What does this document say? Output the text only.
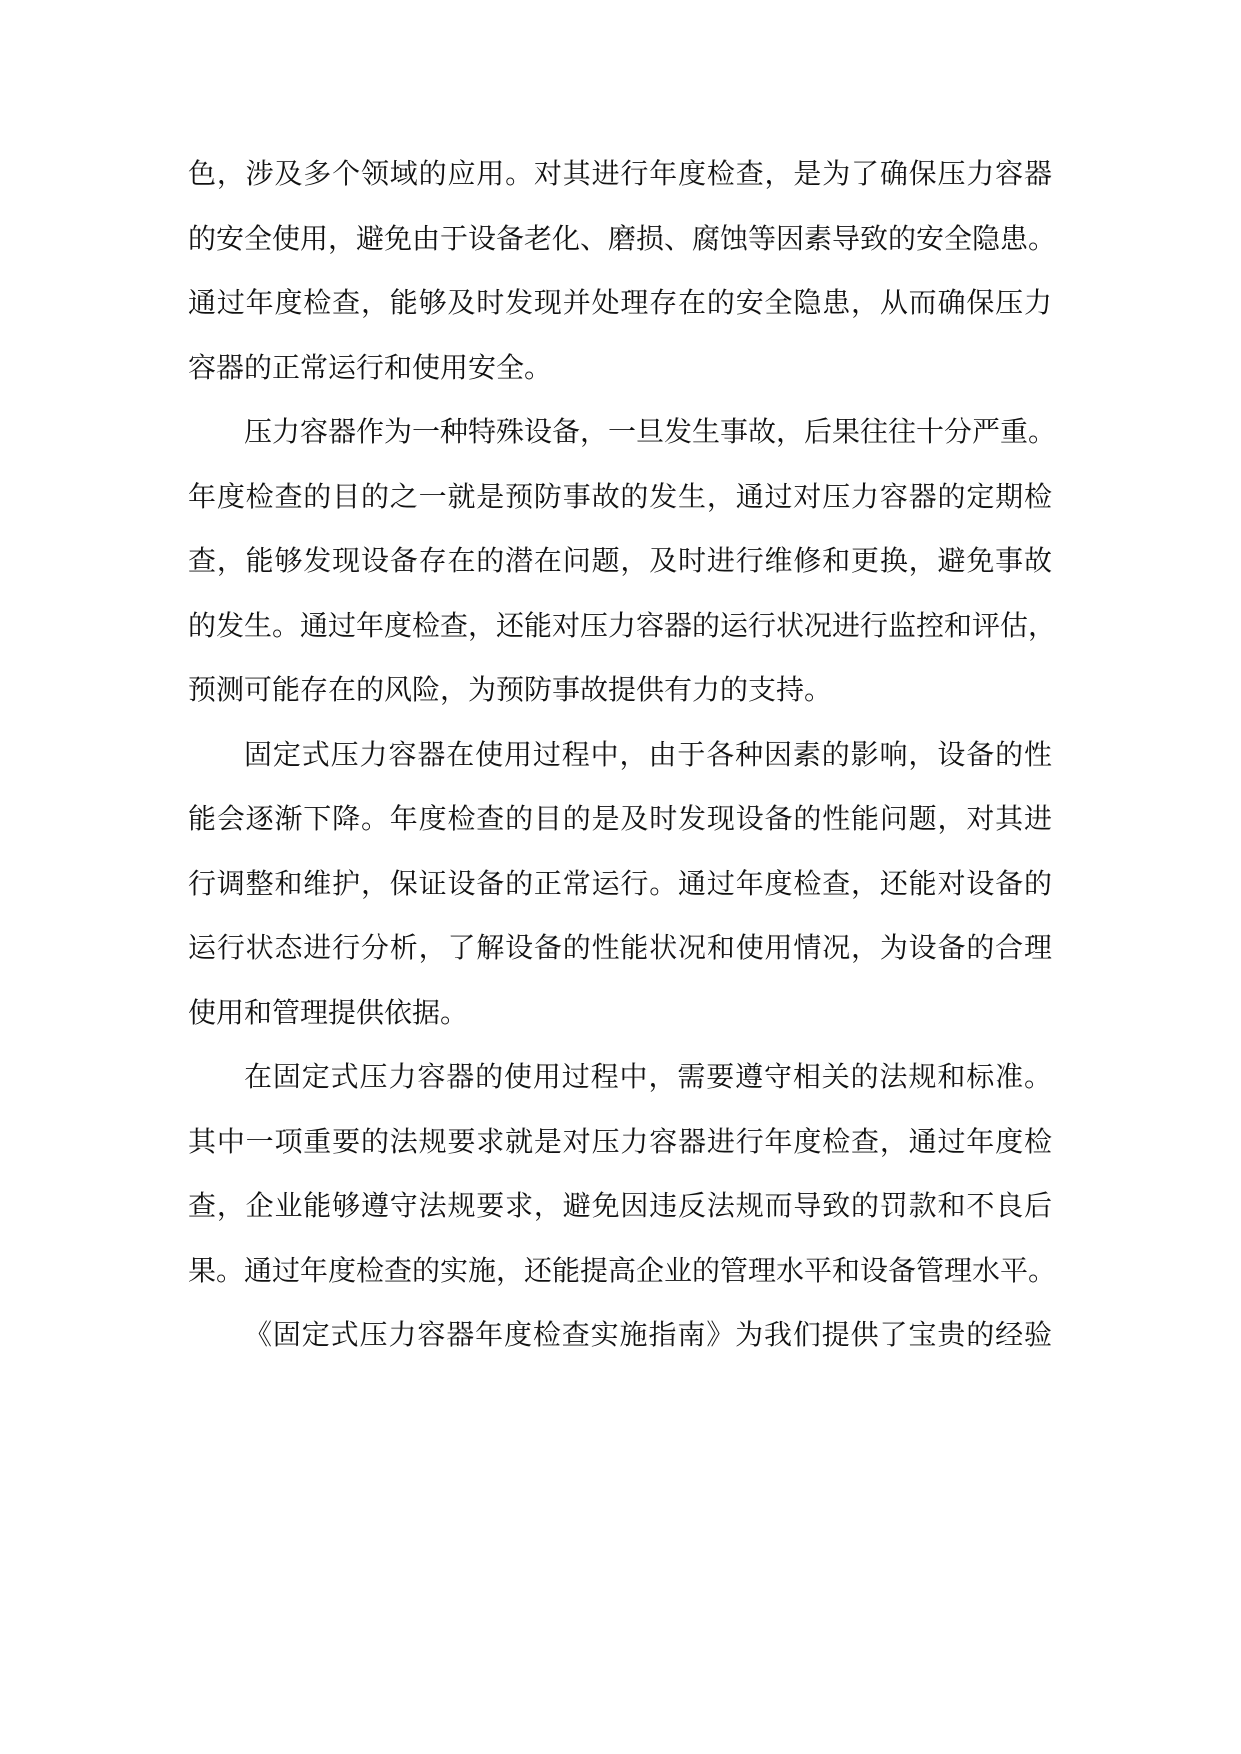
色，涉及多个领域的应用。对其进行年度检查，是为了确保压力容器
的安全使用，避免由于设备老化、磨损、腐蚀等因素导致的安全隐患。
通过年度检查，能够及时发现并处理存在的安全隐患，从而确保压力
容器的正常运行和使用安全。
压力容器作为一种特殊设备，一旦发生事故，后果往往十分严重。
年度检查的目的之一就是预防事故的发生，通过对压力容器的定期检
查，能够发现设备存在的潜在问题，及时进行维修和更换，避免事故
的发生。通过年度检查，还能对压力容器的运行状况进行监控和评估，
预测可能存在的风险，为预防事故提供有力的支持。
固定式压力容器在使用过程中，由于各种因素的影响，设备的性
能会逐渐下降。年度检查的目的是及时发现设备的性能问题，对其进
行调整和维护，保证设备的正常运行。通过年度检查，还能对设备的
运行状态进行分析，了解设备的性能状况和使用情况，为设备的合理
使用和管理提供依据。
在固定式压力容器的使用过程中，需要遵守相关的法规和标准。
其中一项重要的法规要求就是对压力容器进行年度检查，通过年度检
查，企业能够遵守法规要求，避免因违反法规而导致的罚款和不良后
果。通过年度检查的实施，还能提高企业的管理水平和设备管理水平。
《固定式压力容器年度检查实施指南》为我们提供了宝贵的经验
